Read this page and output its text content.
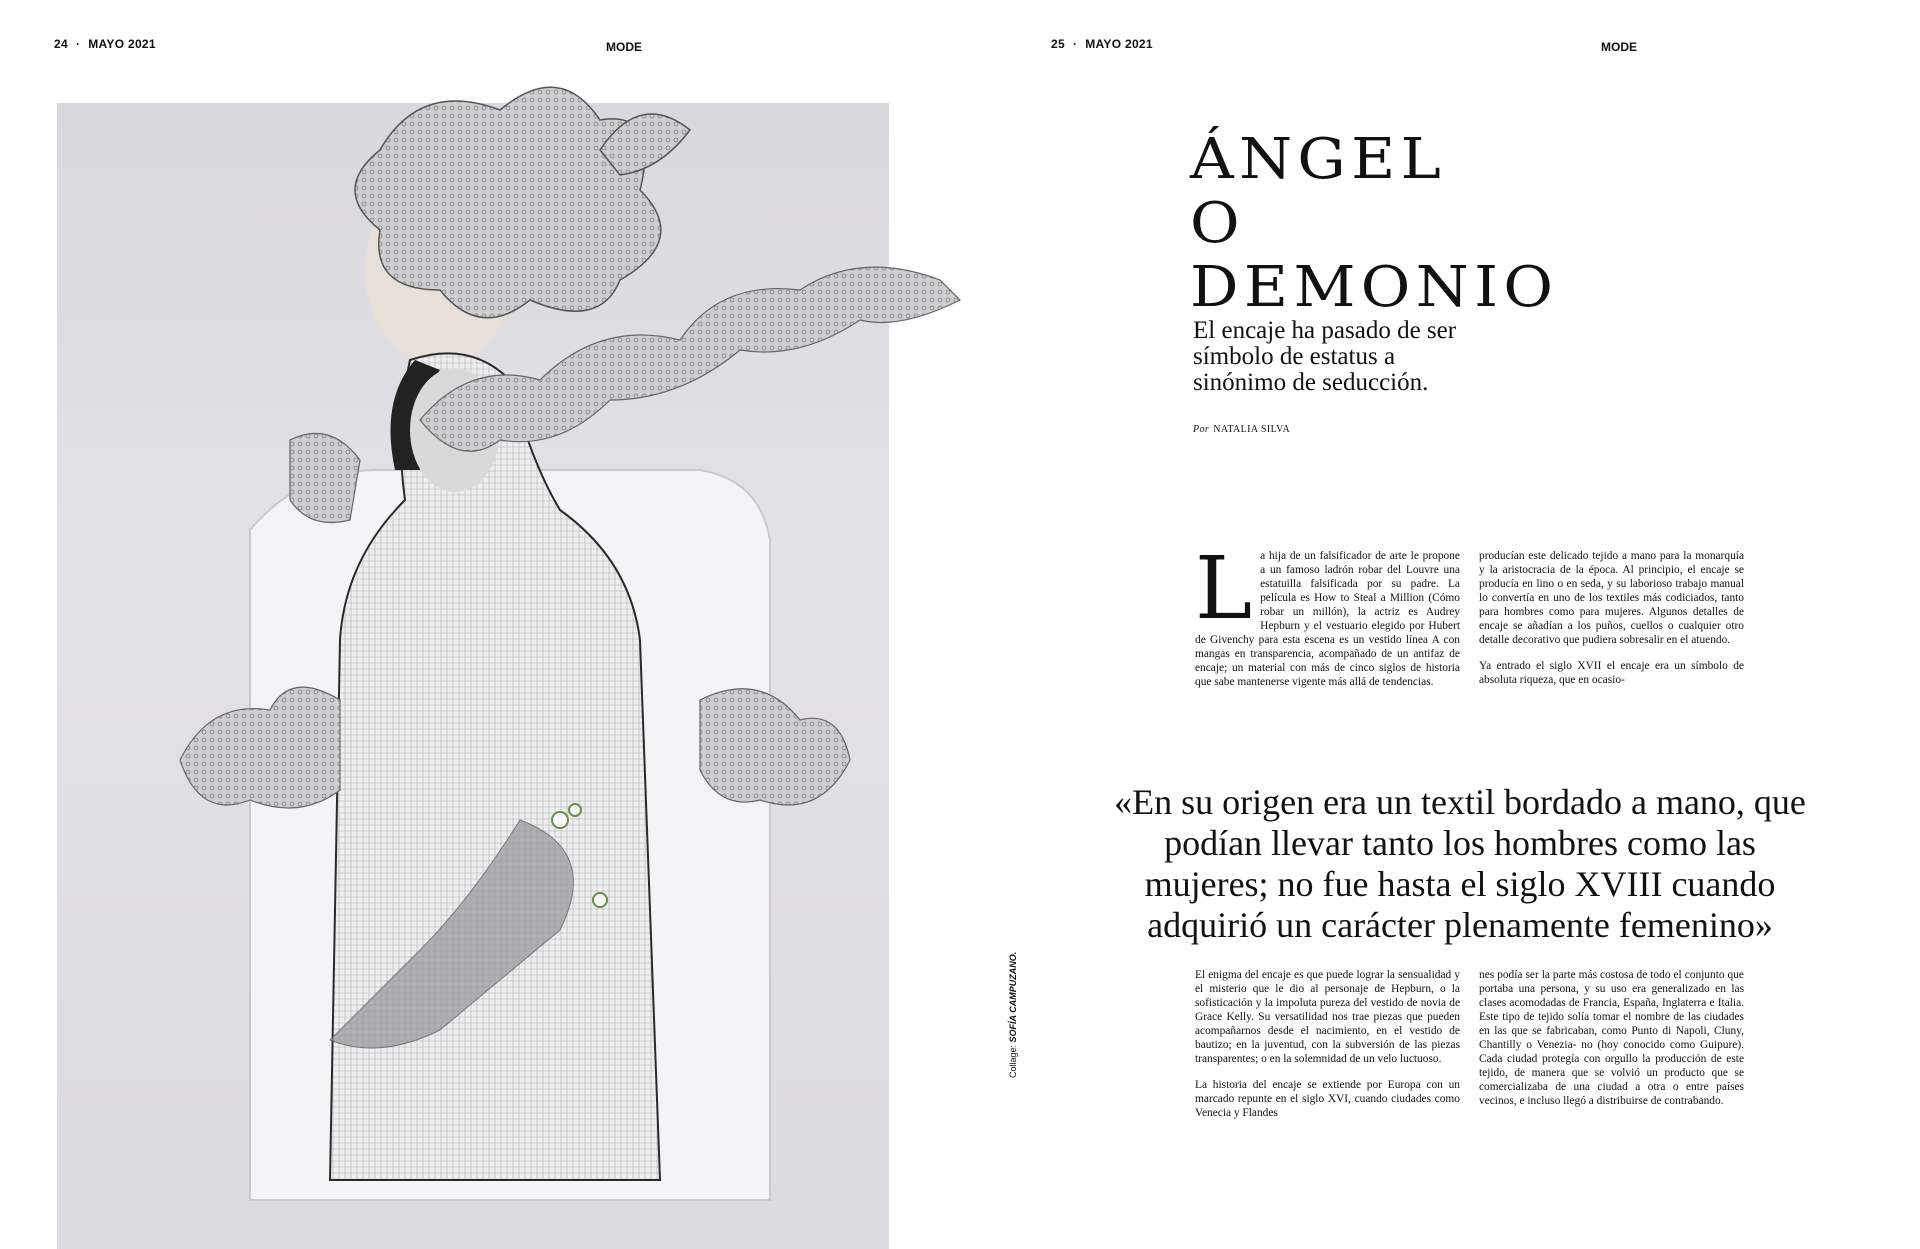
24 · MAYO 2021	MODE
Collage: SOFÍA CAMPUZANO.
25 · MAYO 2021	MODE
ÁNGEL
O
DEMONIO

El encaje ha pasado de ser símbolo de estatus a sinónimo de seducción.

Por NATALIA SILVA
L a hija de un falsificador de arte le propone a un famoso ladrón robar del Louvre una estatuilla falsificada por su padre. La película es How to Steal a Million (Cómo robar un millón), la actriz es Audrey Hepburn y el vestuario elegido por Hubert de Givenchy para esta escena es un vestido línea A con mangas en transparencia, acompañado de un antifaz de encaje; un material con más de cinco siglos de historia que sabe mantenerse vigente más allá de tendencias.

producían este delicado tejido a mano para la monarquía y la aristocracia de la época. Al principio, el encaje se producía en lino o en seda, y su laborioso trabajo manual lo convertía en uno de los textiles más codiciados, tanto para hombres como para mujeres. Algunos detalles de encaje se añadían a los puños, cuellos o cualquier otro detalle decorativo que pudiera sobresalir en el atuendo.

Ya entrado el siglo XVII el encaje era un símbolo de absoluta riqueza, que en ocasio-

«En su origen era un textil bordado a mano, que podían llevar tanto los hombres como las mujeres; no fue hasta el siglo XVIII cuando adquirió un carácter plenamente femenino»

El enigma del encaje es que puede lograr la sensualidad y el misterio que le dio al personaje de Hepburn, o la sofisticación y la impoluta pureza del vestido de novia de Grace Kelly. Su versatilidad nos trae piezas que pueden acompañarnos desde el nacimiento, en el vestido de bautizo; en la juventud, con la subversión de las piezas transparentes; o en la solemnidad de un velo luctuoso.

La historia del encaje se extiende por Europa con un marcado repunte en el siglo XVI, cuando ciudades como Venecia y Flandes

nes podía ser la parte más costosa de todo el conjunto que portaba una persona, y su uso era generalizado en las clases acomodadas de Francia, España, Inglaterra e Italia. Este tipo de tejido solía tomar el nombre de las ciudades en las que se fabricaban, como Punto di Napoli, Cluny, Chantilly o Venezia- no (hoy conocido como Guipure). Cada ciudad protegía con orgullo la producción de este tejido, de manera que se volvió un producto que se comercializaba de una ciudad a otra o entre países vecinos, e incluso llegó a distribuirse de contrabando.
